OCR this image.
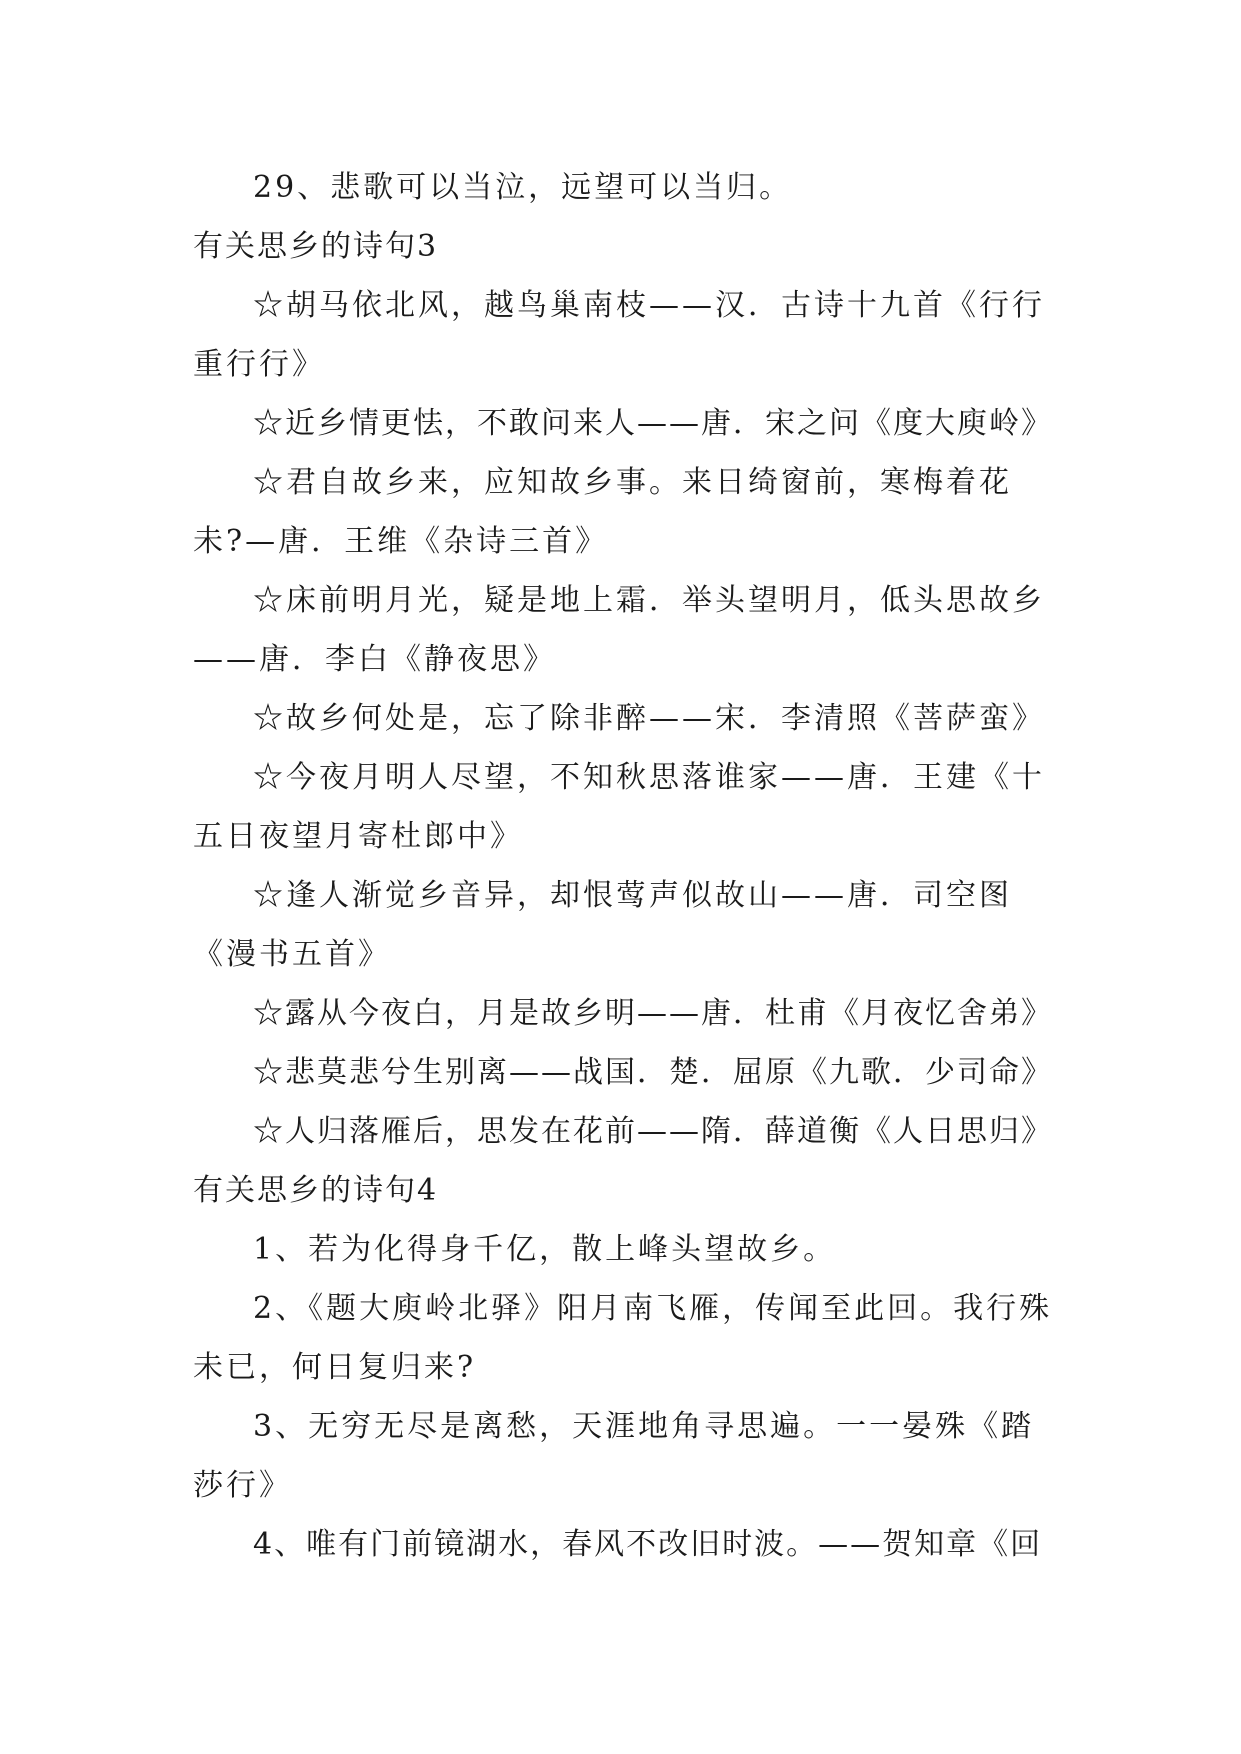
29、悲歌可以当泣，远望可以当归。

有关思乡的诗句3

☆胡马依北风，越鸟巢南枝——汉．古诗十九首《行行

重行行》

☆近乡情更怯，不敢问来人——唐．宋之问《度大庾岭》

☆君自故乡来，应知故乡事。来日绮窗前，寒梅着花

未?—唐．王维《杂诗三首》

☆床前明月光，疑是地上霜．举头望明月，低头思故乡

——唐．李白《静夜思》

☆故乡何处是，忘了除非醉——宋．李清照《菩萨蛮》

☆今夜月明人尽望，不知秋思落谁家——唐．王建《十

五日夜望月寄杜郎中》

☆逢人渐觉乡音异，却恨莺声似故山——唐．司空图

《漫书五首》

☆露从今夜白，月是故乡明——唐．杜甫《月夜忆舍弟》

☆悲莫悲兮生别离——战国．楚．屈原《九歌．少司命》

☆人归落雁后，思发在花前——隋．薛道衡《人日思归》

有关思乡的诗句4

1、若为化得身千亿，散上峰头望故乡。

2、《题大庾岭北驿》阳月南飞雁，传闻至此回。我行殊

未已，何日复归来?

3、无穷无尽是离愁，天涯地角寻思遍。一一晏殊《踏

莎行》

4、唯有门前镜湖水，春风不改旧时波。——贺知章《回
